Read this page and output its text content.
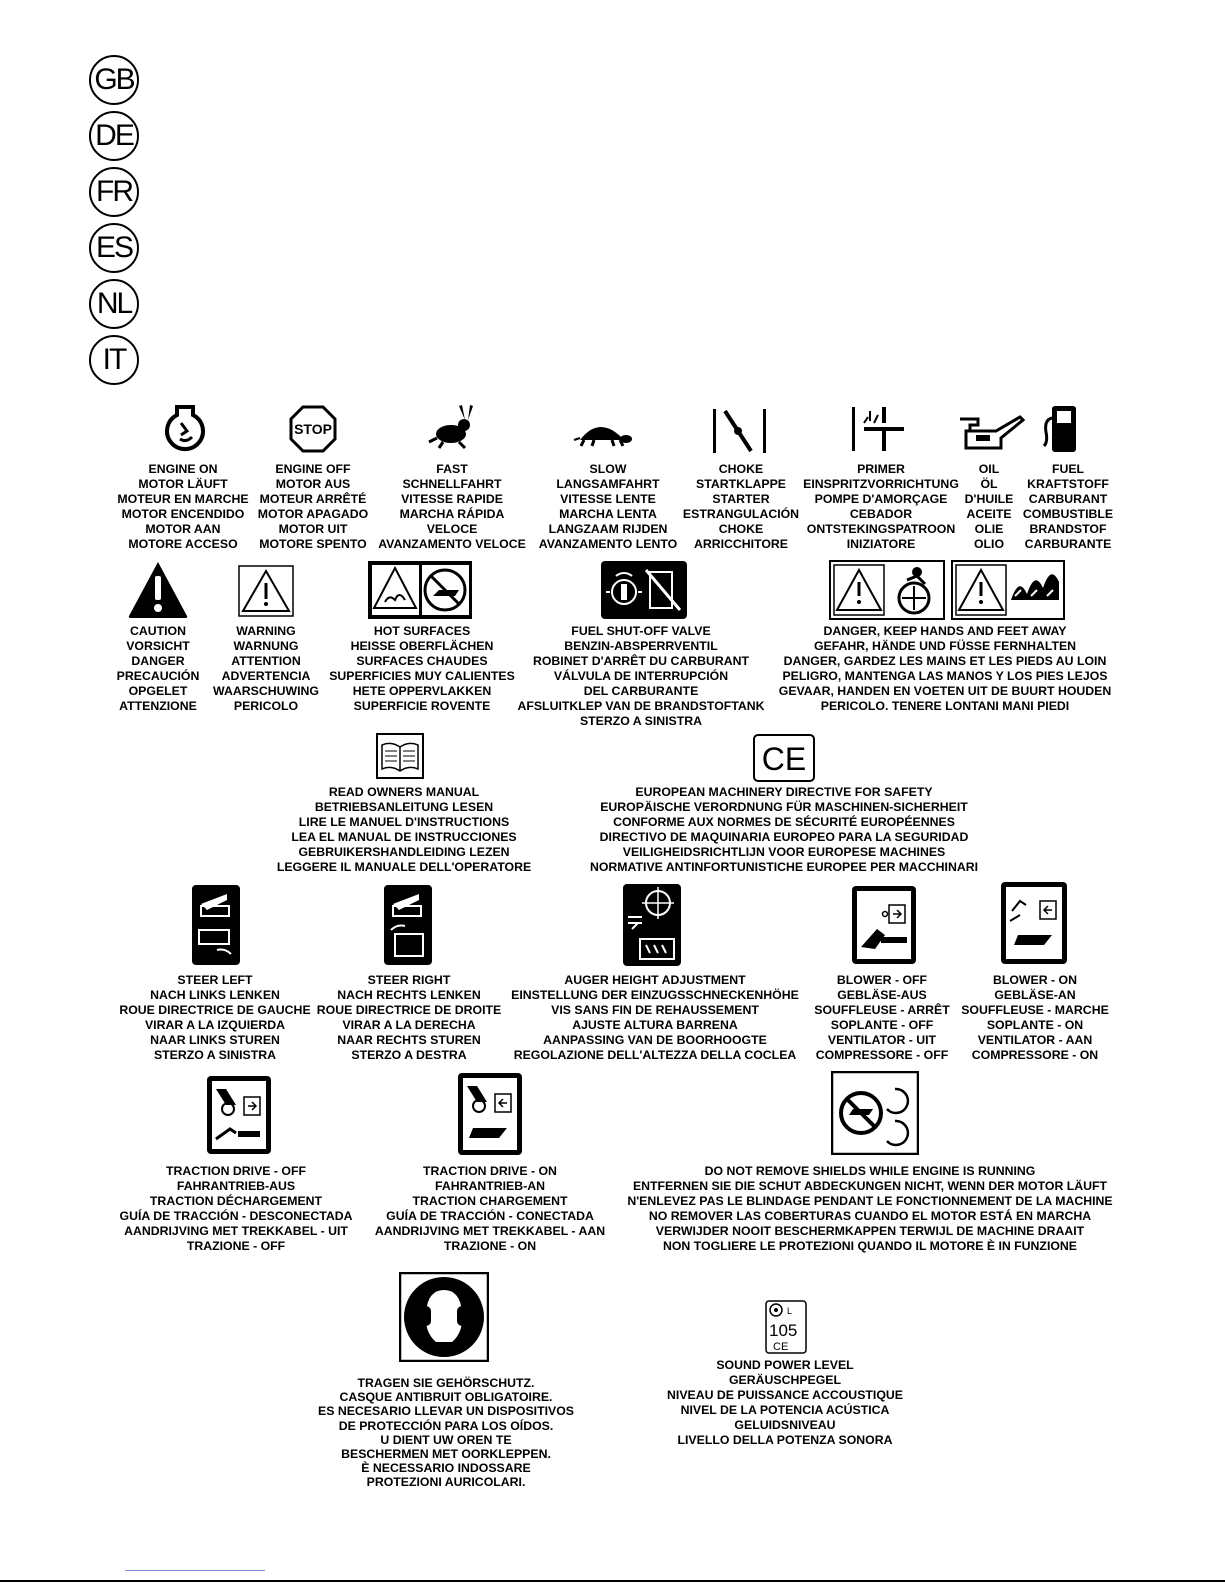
GB
DE
FR
ES
NL
IT
STOP
ENGINE ON
MOTOR LÄUFT
MOTEUR EN MARCHE
MOTOR ENCENDIDO
MOTOR AAN
MOTORE ACCESO
ENGINE OFF
MOTOR AUS
MOTEUR ARRÊTÉ
MOTOR APAGADO
MOTOR UIT
MOTORE SPENTO
FAST
SCHNELLFAHRT
VITESSE RAPIDE
MARCHA RÁPIDA
VELOCE
AVANZAMENTO VELOCE
SLOW
LANGSAMFAHRT
VITESSE LENTE
MARCHA LENTA
LANGZAAM RIJDEN
AVANZAMENTO LENTO
CHOKE
STARTKLAPPE
STARTER
ESTRANGULACIÓN
CHOKE
ARRICCHITORE
PRIMER
EINSPRITZVORRICHTUNG
POMPE D'AMORÇAGE
CEBADOR
ONTSTEKINGSPATROON
INIZIATORE
OIL
ÖL
D'HUILE
ACEITE
OLIE
OLIO
FUEL
KRAFTSTOFF
CARBURANT
COMBUSTIBLE
BRANDSTOF
CARBURANTE
CAUTION
VORSICHT
DANGER
PRECAUCIÓN
OPGELET
ATTENZIONE
WARNING
WARNUNG
ATTENTION
ADVERTENCIA
WAARSCHUWING
PERICOLO
HOT SURFACES
HEISSE OBERFLÄCHEN
SURFACES CHAUDES
SUPERFICIES MUY CALIENTES
HETE OPPERVLAKKEN
SUPERFICIE ROVENTE
FUEL SHUT-OFF VALVE
BENZIN-ABSPERRVENTIL
ROBINET D'ARRÊT DU CARBURANT
VÁLVULA DE INTERRUPCIÓN
DEL CARBURANTE
AFSLUITKLEP VAN DE BRANDSTOFTANK
STERZO A SINISTRA
DANGER, KEEP HANDS AND FEET AWAY
GEFAHR, HÄNDE UND FÜSSE FERNHALTEN
DANGER, GARDEZ LES MAINS ET LES PIEDS AU LOIN
PELIGRO, MANTENGA LAS MANOS Y LOS PIES LEJOS
GEVAAR, HANDEN EN VOETEN UIT DE BUURT HOUDEN
PERICOLO. TENERE LONTANI MANI PIEDI
CE
READ OWNERS MANUAL
BETRIEBSANLEITUNG LESEN
LIRE LE MANUEL D'INSTRUCTIONS
LEA EL MANUAL DE INSTRUCCIONES
GEBRUIKERSHANDLEIDING LEZEN
LEGGERE IL MANUALE DELL'OPERATORE
EUROPEAN MACHINERY DIRECTIVE FOR SAFETY
EUROPÄISCHE VERORDNUNG FÜR MASCHINEN-SICHERHEIT
CONFORME AUX NORMES DE SÉCURITÉ EUROPÉENNES
DIRECTIVO DE MAQUINARIA EUROPEO PARA LA SEGURIDAD
VEILIGHEIDSRICHTLIJN VOOR EUROPESE MACHINES
NORMATIVE ANTINFORTUNISTICHE EUROPEE PER MACCHINARI
STEER LEFT
NACH LINKS LENKEN
ROUE DIRECTRICE DE GAUCHE
VIRAR A LA IZQUIERDA
NAAR LINKS STUREN
STERZO A SINISTRA
STEER RIGHT
NACH RECHTS LENKEN
ROUE DIRECTRICE DE DROITE
VIRAR A LA DERECHA
NAAR RECHTS STUREN
STERZO A DESTRA
AUGER HEIGHT ADJUSTMENT
EINSTELLUNG DER EINZUGSSCHNECKENHÖHE
VIS SANS FIN DE REHAUSSEMENT
AJUSTE ALTURA BARRENA
AANPASSING VAN DE BOORHOOGTE
REGOLAZIONE DELL'ALTEZZA DELLA COCLEA
BLOWER - OFF
GEBLÄSE-AUS
SOUFFLEUSE - ARRÊT
SOPLANTE - OFF
VENTILATOR - UIT
COMPRESSORE - OFF
BLOWER - ON
GEBLÄSE-AN
SOUFFLEUSE - MARCHE
SOPLANTE - ON
VENTILATOR - AAN
COMPRESSORE - ON
TRACTION DRIVE - OFF
FAHRANTRIEB-AUS
TRACTION DÉCHARGEMENT
GUÍA DE TRACCIÓN - DESCONECTADA
AANDRIJVING MET TREKKABEL - UIT
TRAZIONE - OFF
TRACTION DRIVE - ON
FAHRANTRIEB-AN
TRACTION CHARGEMENT
GUÍA DE TRACCIÓN - CONECTADA
AANDRIJVING MET TREKKABEL - AAN
TRAZIONE - ON
DO NOT REMOVE SHIELDS WHILE ENGINE IS RUNNING
ENTFERNEN SIE DIE SCHUT ABDECKUNGEN NICHT, WENN DER MOTOR LÄUFT
N'ENLEVEZ PAS LE BLINDAGE PENDANT LE FONCTIONNEMENT DE LA MACHINE
NO REMOVER LAS COBERTURAS CUANDO EL MOTOR ESTÁ EN MARCHA
VERWIJDER NOOIT BESCHERMKAPPEN TERWIJL DE MACHINE DRAAIT
NON TOGLIERE LE PROTEZIONI QUANDO IL MOTORE È IN FUNZIONE
L
105
CE
TRAGEN SIE GEHÖRSCHUTZ.
CASQUE ANTIBRUIT OBLIGATOIRE.
ES NECESARIO LLEVAR UN DISPOSITIVOS
DE PROTECCIÓN PARA LOS OÍDOS.
U DIENT UW OREN TE
BESCHERMEN MET OORKLEPPEN.
È NECESSARIO INDOSSARE
PROTEZIONI AURICOLARI.
SOUND POWER LEVEL
GERÄUSCHPEGEL
NIVEAU DE PUISSANCE ACCOUSTIQUE
NIVEL DE LA POTENCIA ACÚSTICA
GELUIDSNIVEAU
LIVELLO DELLA POTENZA SONORA
